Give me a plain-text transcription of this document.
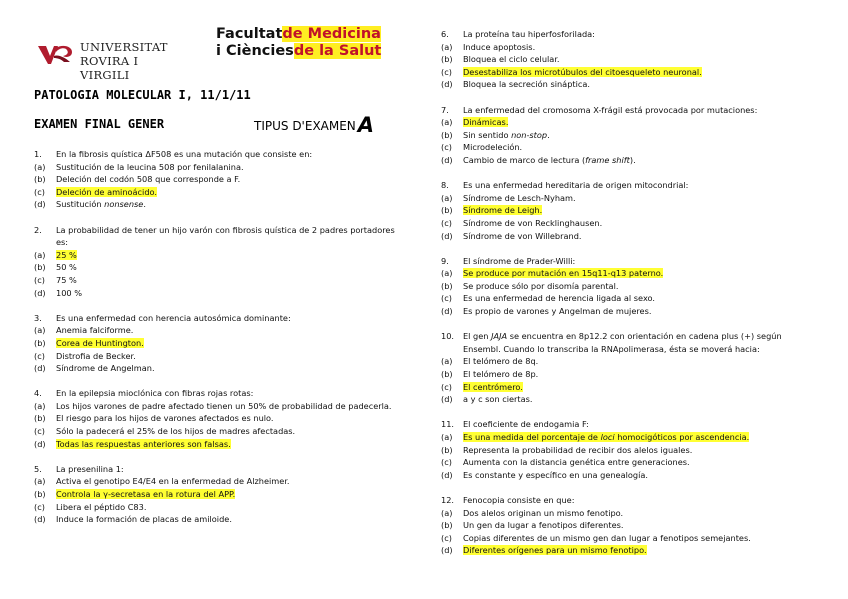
UNIVERSITAT
ROVIRA I VIRGILI
Facultatde Medicina
i Ciènciesde la Salut
PATOLOGIA MOLECULAR I, 11/1/11
EXAMEN FINAL GENER	TIPUS D'EXAMENA
1. En la fibrosis quística ΔF508 es una mutación que consiste en:
(a) Sustitución de la leucina 508 por fenilalanina.
(b) Deleción del codón 508 que corresponde a F.
(c) Deleción de aminoácido.
(d) Sustitución nonsense.
2. La probabilidad de tener un hijo varón con fibrosis quística de 2 padres portadores es:
(a) 25 %
(b) 50 %
(c) 75 %
(d) 100 %
3. Es una enfermedad con herencia autosómica dominante:
(a) Anemia falciforme.
(b) Corea de Huntington.
(c) Distrofia de Becker.
(d) Síndrome de Angelman.
4. En la epilepsia mioclónica con fibras rojas rotas:
(a) Los hijos varones de padre afectado tienen un 50% de probabilidad de padecerla.
(b) El riesgo para los hijos de varones afectados es nulo.
(c) Sólo la padecerá el 25% de los hijos de madres afectadas.
(d) Todas las respuestas anteriores son falsas.
5. La presenilina 1:
(a) Activa el genotipo E4/E4 en la enfermedad de Alzheimer.
(b) Controla la γ-secretasa en la rotura del APP.
(c) Libera el péptido C83.
(d) Induce la formación de placas de amiloide.
6. La proteína tau hiperfosforilada:
(a) Induce apoptosis.
(b) Bloquea el ciclo celular.
(c) Desestabiliza los microtúbulos del citoesqueleto neuronal.
(d) Bloquea la secreción sináptica.
7. La enfermedad del cromosoma X-frágil está provocada por mutaciones:
(a) Dinámicas.
(b) Sin sentido non-stop.
(c) Microdeleción.
(d) Cambio de marco de lectura (frame shift).
8. Es una enfermedad hereditaria de origen mitocondrial:
(a) Síndrome de Lesch-Nyham.
(b) Síndrome de Leigh.
(c) Síndrome de von Recklinghausen.
(d) Síndrome de von Willebrand.
9. El síndrome de Prader-Willi:
(a) Se produce por mutación en 15q11-q13 paterno.
(b) Se produce sólo por disomía parental.
(c) Es una enfermedad de herencia ligada al sexo.
(d) Es propio de varones y Angelman de mujeres.
10. El gen JAJA se encuentra en 8p12.2 con orientación en cadena plus (+) según Ensembl. Cuando lo transcriba la RNApolimerasa, ésta se moverá hacia:
(a) El telómero de 8q.
(b) El telómero de 8p.
(c) El centrómero.
(d) a y c son ciertas.
11. El coeficiente de endogamia F:
(a) Es una medida del porcentaje de loci homocigóticos por ascendencia.
(b) Representa la probabilidad de recibir dos alelos iguales.
(c) Aumenta con la distancia genética entre generaciones.
(d) Es constante y específico en una genealogía.
12. Fenocopia consiste en que:
(a) Dos alelos originan un mismo fenotipo.
(b) Un gen da lugar a fenotipos diferentes.
(c) Copias diferentes de un mismo gen dan lugar a fenotipos semejantes.
(d) Diferentes orígenes para un mismo fenotipo.
